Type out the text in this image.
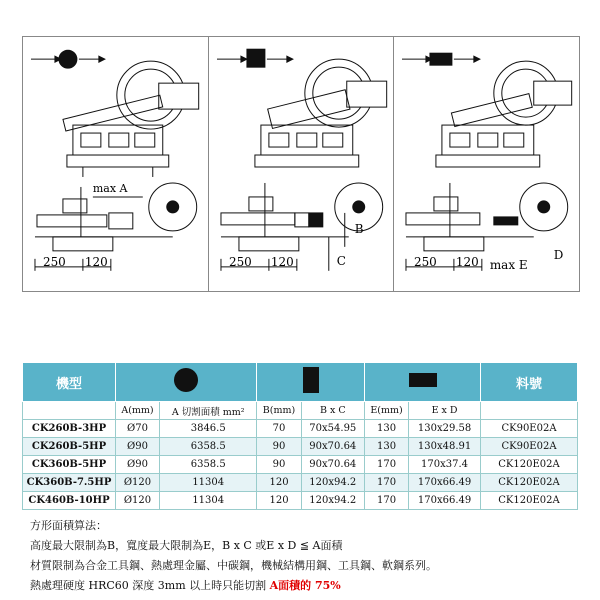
max A
250 120	C
B
250 120	D
max E
250 120
機型							料號
	A(mm)	A 切割面積 mm²	B(mm)	B x C	E(mm)	E x D	
CK260B-3HP	Ø70	3846.5	70	70x54.95	130	130x29.58	CK90E02A
CK260B-5HP	Ø90	6358.5	90	90x70.64	130	130x48.91	CK90E02A
CK360B-5HP	Ø90	6358.5	90	90x70.64	170	170x37.4	CK120E02A
CK360B-7.5HP	Ø120	11304	120	120x94.2	170	170x66.49	CK120E02A
CK460B-10HP	Ø120	11304	120	120x94.2	170	170x66.49	CK120E02A
方形面積算法：
高度最大限制為B，寬度最大限制為E，B x C 或E x D ≦ A面積
材質限制為合金工具鋼、熱處理金屬、中碳鋼，機械結構用鋼、工具鋼、軟鋼系列。
熱處理硬度 HRC60 深度 3mm 以上時只能切割 A面積的 75%
